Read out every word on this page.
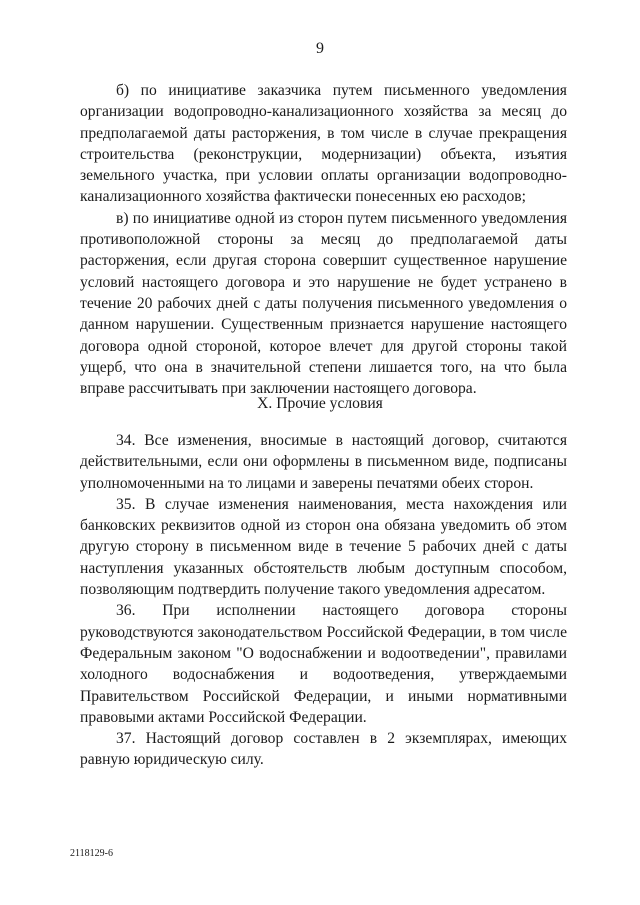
9

б) по инициативе заказчика путем письменного уведомления организации водопроводно-канализационного хозяйства за месяц до предполагаемой даты расторжения, в том числе в случае прекращения строительства (реконструкции, модернизации) объекта, изъятия земельного участка, при условии оплаты организации водопроводно-канализационного хозяйства фактически понесенных ею расходов;

в) по инициативе одной из сторон путем письменного уведомления противоположной стороны за месяц до предполагаемой даты расторжения, если другая сторона совершит существенное нарушение условий настоящего договора и это нарушение не будет устранено в течение 20 рабочих дней с даты получения письменного уведомления о данном нарушении. Существенным признается нарушение настоящего договора одной стороной, которое влечет для другой стороны такой ущерб, что она в значительной степени лишается того, на что была вправе рассчитывать при заключении настоящего договора.

X. Прочие условия

34. Все изменения, вносимые в настоящий договор, считаются действительными, если они оформлены в письменном виде, подписаны уполномоченными на то лицами и заверены печатями обеих сторон.

35. В случае изменения наименования, места нахождения или банковских реквизитов одной из сторон она обязана уведомить об этом другую сторону в письменном виде в течение 5 рабочих дней с даты наступления указанных обстоятельств любым доступным способом, позволяющим подтвердить получение такого уведомления адресатом.

36. При исполнении настоящего договора стороны руководствуются законодательством Российской Федерации, в том числе Федеральным законом "О водоснабжении и водоотведении", правилами холодного водоснабжения и водоотведения, утверждаемыми Правительством Российской Федерации, и иными нормативными правовыми актами Российской Федерации.

37. Настоящий договор составлен в 2 экземплярах, имеющих равную юридическую силу.

2118129-6
